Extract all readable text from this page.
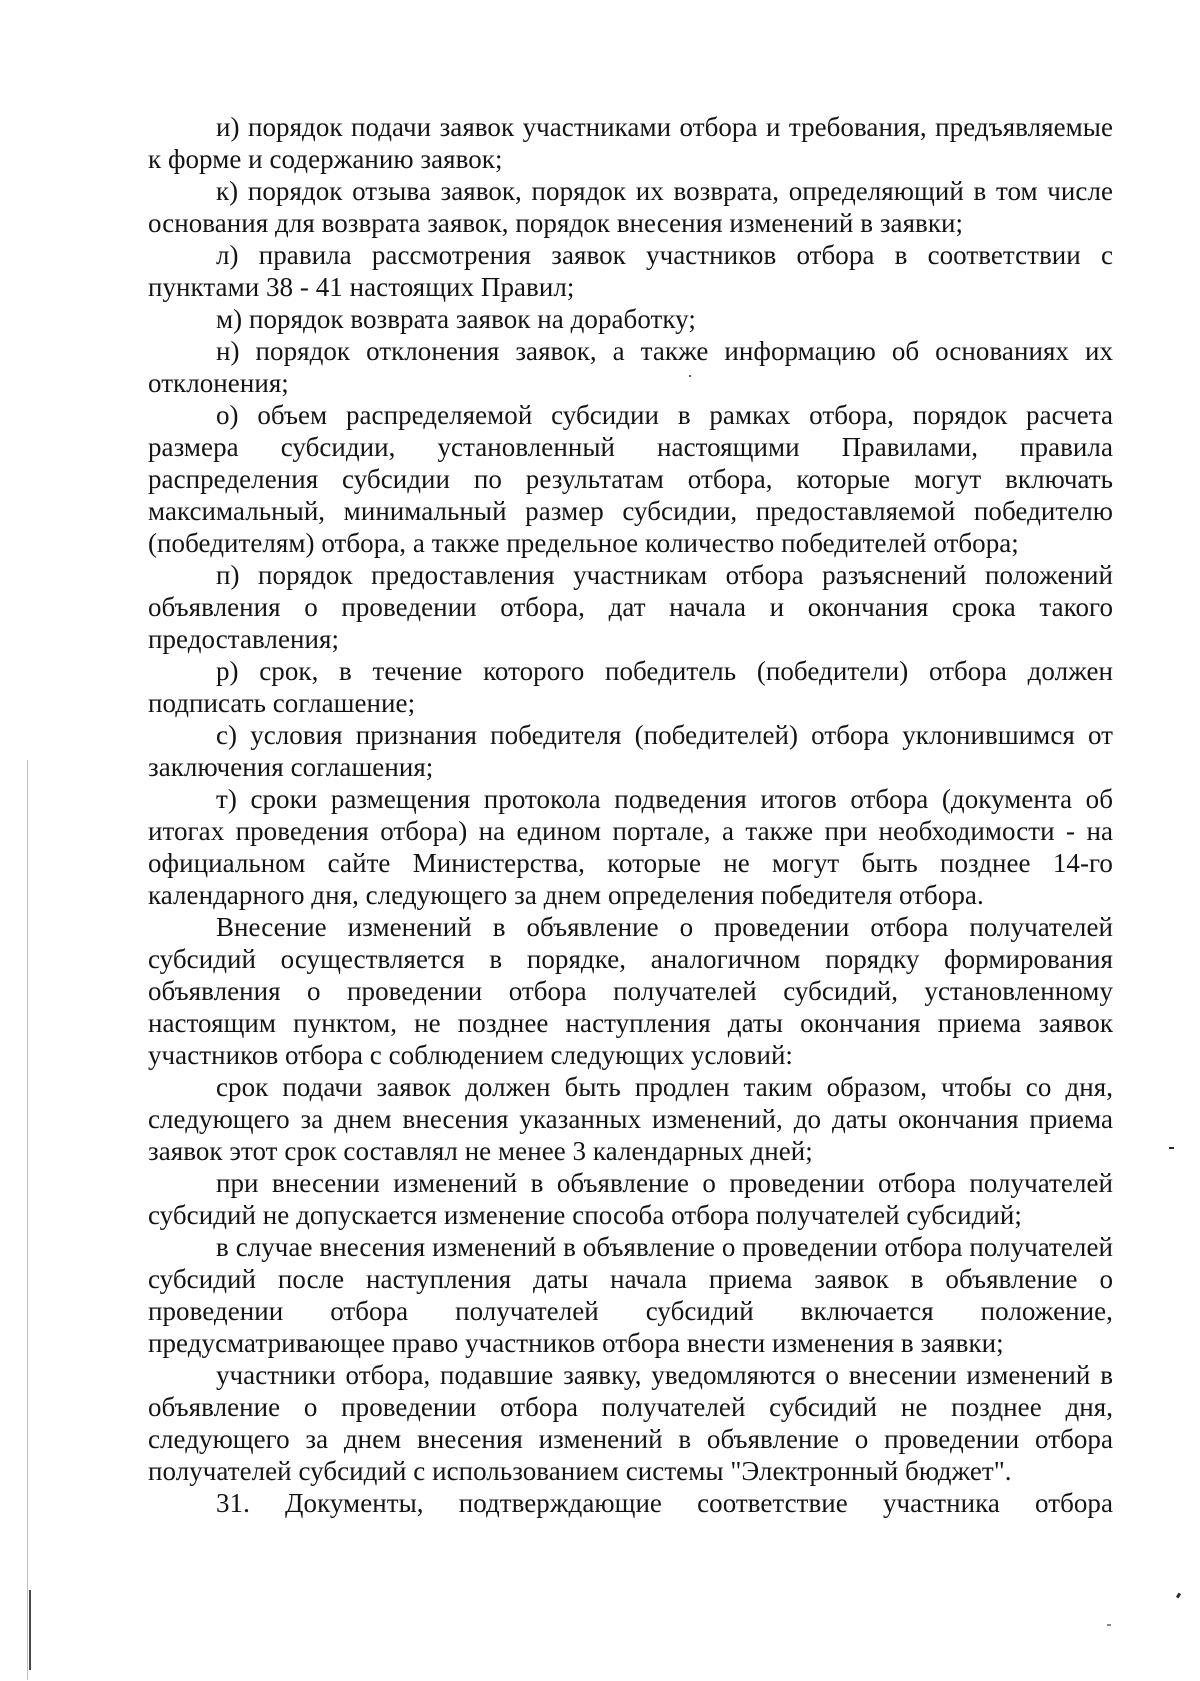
и) порядок подачи заявок участниками отбора и требования, предъявляемые к форме и содержанию заявок;

к) порядок отзыва заявок, порядок их возврата, определяющий в том числе основания для возврата заявок, порядок внесения изменений в заявки;

л) правила рассмотрения заявок участников отбора в соответствии с пунктами 38 - 41 настоящих Правил;

м) порядок возврата заявок на доработку;

н) порядок отклонения заявок, а также информацию об основаниях их отклонения;

о) объем распределяемой субсидии в рамках отбора, порядок расчета размера субсидии, установленный настоящими Правилами, правила распределения субсидии по результатам отбора, которые могут включать максимальный, минимальный размер субсидии, предоставляемой победителю (победителям) отбора, а также предельное количество победителей отбора;

п) порядок предоставления участникам отбора разъяснений положений объявления о проведении отбора, дат начала и окончания срока такого предоставления;

р) срок, в течение которого победитель (победители) отбора должен подписать соглашение;

с) условия признания победителя (победителей) отбора уклонившимся от заключения соглашения;

т) сроки размещения протокола подведения итогов отбора (документа об итогах проведения отбора) на едином портале, а также при необходимости - на официальном сайте Министерства, которые не могут быть позднее 14-го календарного дня, следующего за днем определения победителя отбора.

Внесение изменений в объявление о проведении отбора получателей субсидий осуществляется в порядке, аналогичном порядку формирования объявления о проведении отбора получателей субсидий, установленному настоящим пунктом, не позднее наступления даты окончания приема заявок участников отбора с соблюдением следующих условий:

срок подачи заявок должен быть продлен таким образом, чтобы со дня, следующего за днем внесения указанных изменений, до даты окончания приема заявок этот срок составлял не менее 3 календарных дней;

при внесении изменений в объявление о проведении отбора получателей субсидий не допускается изменение способа отбора получателей субсидий;

в случае внесения изменений в объявление о проведении отбора получателей субсидий после наступления даты начала приема заявок в объявление о проведении отбора получателей субсидий включается положение, предусматривающее право участников отбора внести изменения в заявки;

участники отбора, подавшие заявку, уведомляются о внесении изменений в объявление о проведении отбора получателей субсидий не позднее дня, следующего за днем внесения изменений в объявление о проведении отбора получателей субсидий с использованием системы "Электронный бюджет".

31. Документы, подтверждающие соответствие участника отбора
